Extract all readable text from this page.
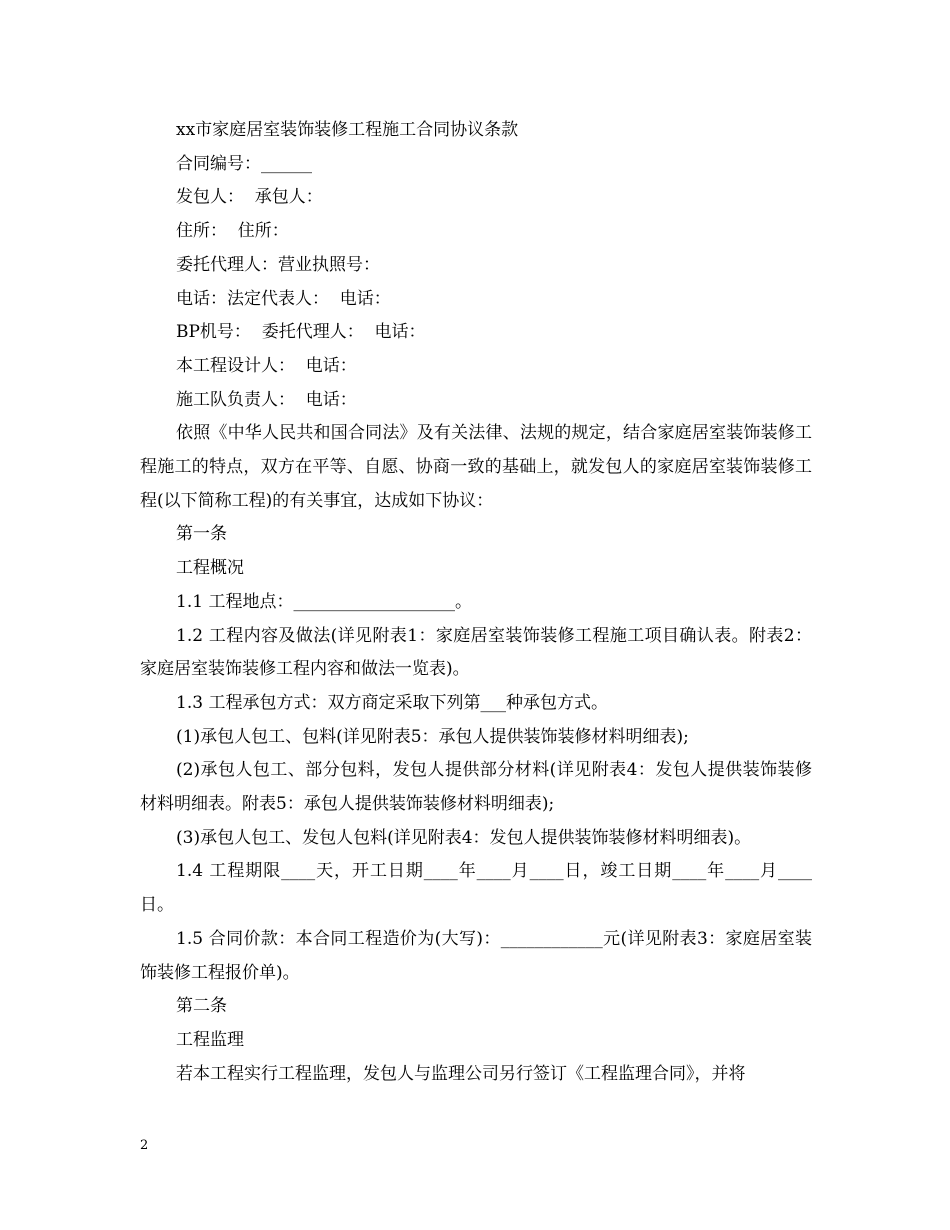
xx市家庭居室装饰装修工程施工合同协议条款

合同编号：______

发包人：  承包人：

住所：  住所：

委托代理人：营业执照号：

电话：法定代表人：  电话：

BP机号：  委托代理人：  电话：

本工程设计人：  电话：

施工队负责人：  电话：

依照《中华人民共和国合同法》及有关法律、法规的规定，结合家庭居室装饰装修工程施工的特点，双方在平等、自愿、协商一致的基础上，就发包人的家庭居室装饰装修工程(以下简称工程)的有关事宜，达成如下协议：

第一条

工程概况

1.1 工程地点：___________________。

1.2 工程内容及做法(详见附表1：家庭居室装饰装修工程施工项目确认表。附表2：家庭居室装饰装修工程内容和做法一览表)。

1.3 工程承包方式：双方商定采取下列第___种承包方式。

(1)承包人包工、包料(详见附表5：承包人提供装饰装修材料明细表);

(2)承包人包工、部分包料，发包人提供部分材料(详见附表4：发包人提供装饰装修材料明细表。附表5：承包人提供装饰装修材料明细表);

(3)承包人包工、发包人包料(详见附表4：发包人提供装饰装修材料明细表)。

1.4 工程期限____天，开工日期____年____月____日，竣工日期____年____月____日。

1.5 合同价款：本合同工程造价为(大写)：____________元(详见附表3：家庭居室装饰装修工程报价单)。

第二条

工程监理

若本工程实行工程监理，发包人与监理公司另行签订《工程监理合同》，并将

2
